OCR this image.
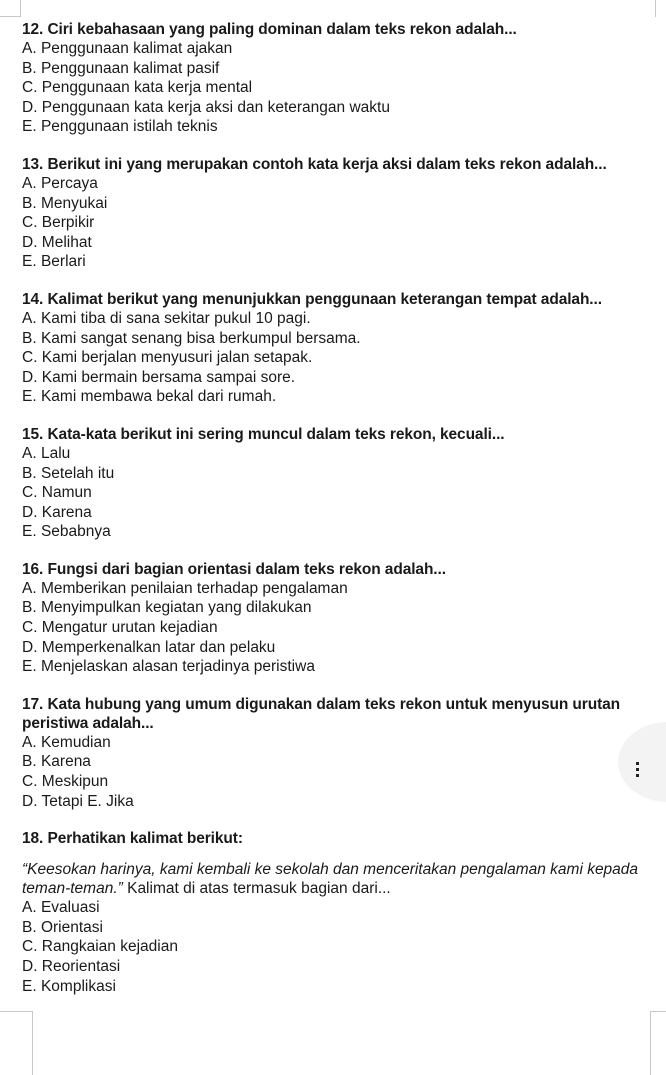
12. Ciri kebahasaan yang paling dominan dalam teks rekon adalah...
A. Penggunaan kalimat ajakan
B. Penggunaan kalimat pasif
C. Penggunaan kata kerja mental
D. Penggunaan kata kerja aksi dan keterangan waktu
E. Penggunaan istilah teknis
13. Berikut ini yang merupakan contoh kata kerja aksi dalam teks rekon adalah...
A. Percaya
B. Menyukai
C. Berpikir
D. Melihat
E. Berlari
14. Kalimat berikut yang menunjukkan penggunaan keterangan tempat adalah...
A. Kami tiba di sana sekitar pukul 10 pagi.
B. Kami sangat senang bisa berkumpul bersama.
C. Kami berjalan menyusuri jalan setapak.
D. Kami bermain bersama sampai sore.
E. Kami membawa bekal dari rumah.
15. Kata-kata berikut ini sering muncul dalam teks rekon, kecuali...
A. Lalu
B. Setelah itu
C. Namun
D. Karena
E. Sebabnya
16. Fungsi dari bagian orientasi dalam teks rekon adalah...
A. Memberikan penilaian terhadap pengalaman
B. Menyimpulkan kegiatan yang dilakukan
C. Mengatur urutan kejadian
D. Memperkenalkan latar dan pelaku
E. Menjelaskan alasan terjadinya peristiwa
17. Kata hubung yang umum digunakan dalam teks rekon untuk menyusun urutan peristiwa adalah...
A. Kemudian
B. Karena
C. Meskipun
D. Tetapi E. Jika
18. Perhatikan kalimat berikut:
“Keesokan harinya, kami kembali ke sekolah dan menceritakan pengalaman kami kepada teman-teman.” Kalimat di atas termasuk bagian dari...
A. Evaluasi
B. Orientasi
C. Rangkaian kejadian
D. Reorientasi
E. Komplikasi
